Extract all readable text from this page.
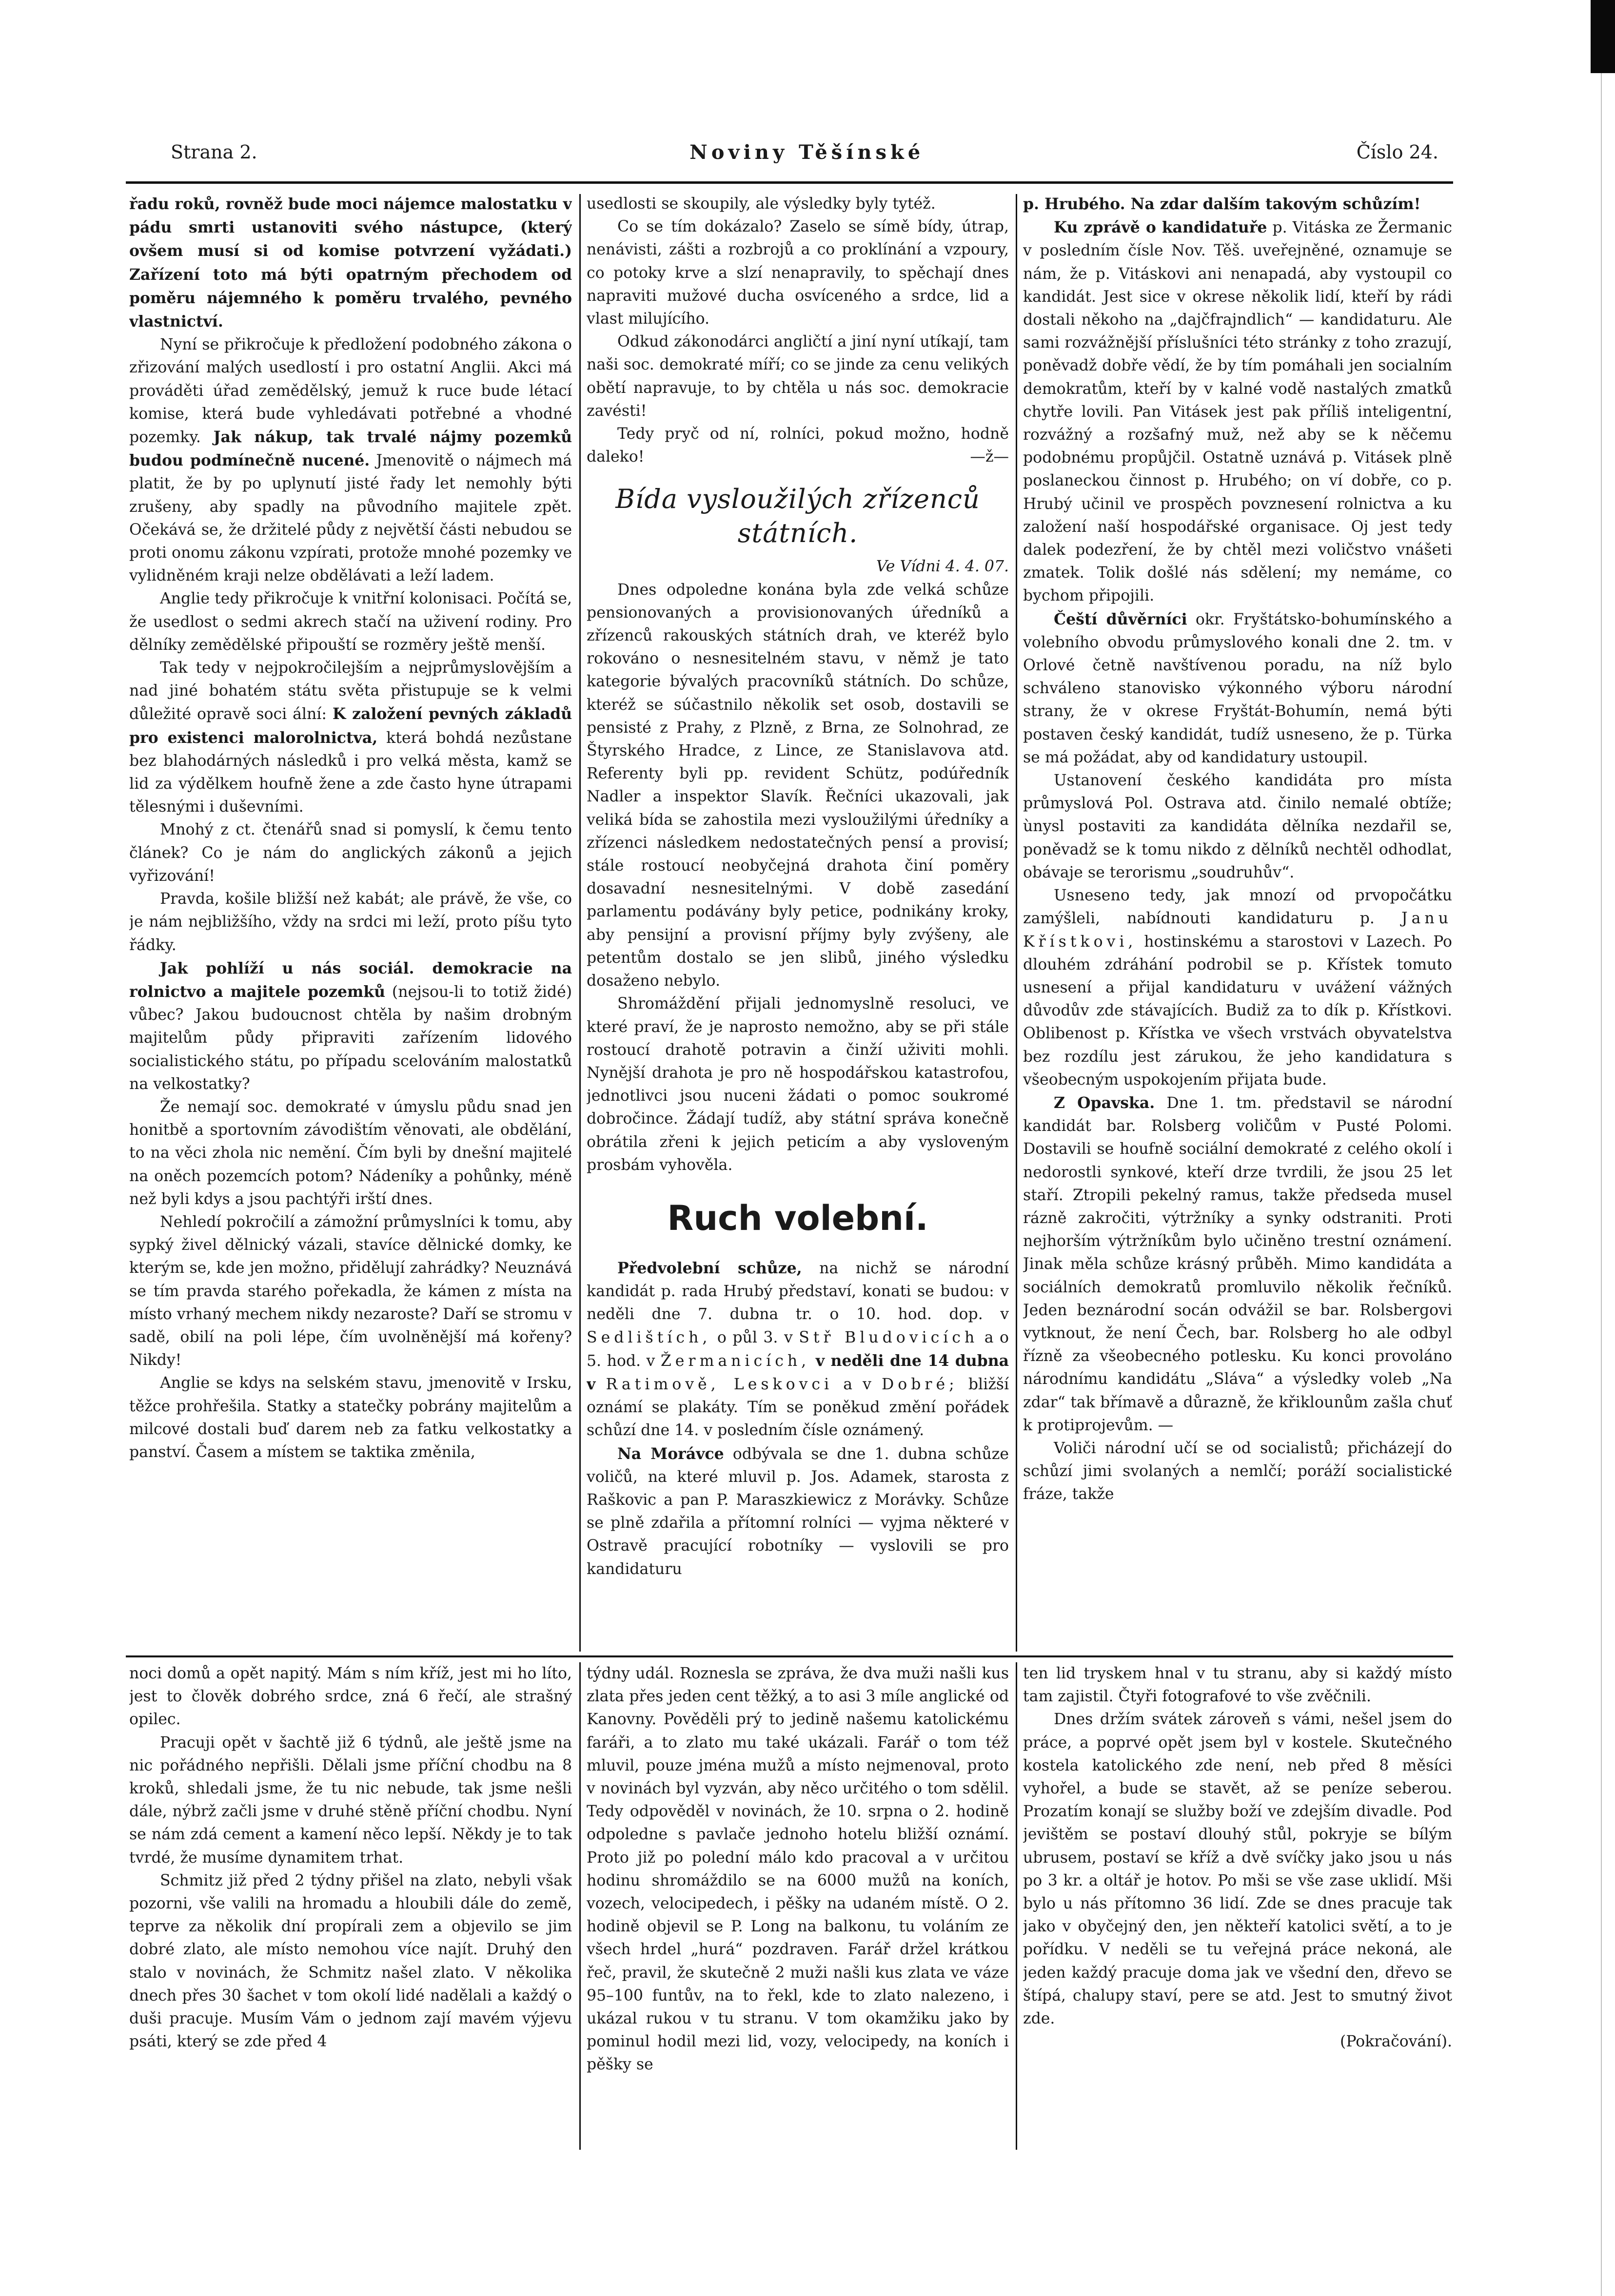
Strana 2.	Noviny Těšínské	Číslo 24.

řadu roků, rovněž bude moci nájemce malostatku v pádu smrti ustanoviti svého nástupce, (který ovšem musí si od komise potvrzení vyžádati.) Zařízení toto má býti opatrným přechodem od poměru nájemného k poměru trvalého, pevného vlastnictví.

Nyní se přikročuje k předložení podobného zákona o zřizování malých usedlostí i pro ostatní Anglii. Akci má prováděti úřad zemědělský, jemuž k ruce bude létací komise, která bude vyhledávati potřebné a vhodné pozemky. Jak nákup, tak trvalé nájmy pozemků budou podmínečně nucené. Jmenovitě o nájmech má platit, že by po uplynutí jisté řady let nemohly býti zrušeny, aby spadly na původního majitele zpět. Očekává se, že držitelé půdy z největší části nebudou se proti onomu zákonu vzpírati, protože mnohé pozemky ve vylidněném kraji nelze obdělávati a leží ladem.

Anglie tedy přikročuje k vnitřní kolonisaci. Počítá se, že usedlost o sedmi akrech stačí na uživení rodiny. Pro dělníky zemědělské připouští se rozměry ještě menší.

Tak tedy v nejpokročilejším a nejprůmyslovějším a nad jiné bohatém státu světa přistupuje se k velmi důležité opravě soci ální: K založení pevných základů pro existenci malorolnictva, která bohdá nezůstane bez blahodárných následků i pro velká města, kamž se lid za výdělkem houfně žene a zde často hyne útrapami tělesnými i duševními.

Mnohý z ct. čtenářů snad si pomyslí, k čemu tento článek? Co je nám do anglických zákonů a jejich vyřizování!

Pravda, košile bližší než kabát; ale právě, že vše, co je nám nejbližšího, vždy na srdci mi leží, proto píšu tyto řádky.

Jak pohlíží u nás sociál. demokracie na rolnictvo a majitele pozemků (nejsou-li to totiž židé) vůbec? Jakou budoucnost chtěla by našim drobným majitelům půdy připraviti zařízením lidového socialistického státu, po případu scelováním malostatků na velkostatky?

Že nemají soc. demokraté v úmyslu půdu snad jen honitbě a sportovním závodištím věnovati, ale obdělání, to na věci zhola nic nemění. Čím byli by dnešní majitelé na oněch pozemcích potom? Nádeníky a pohůnky, méně než byli kdys a jsou pachtýři irští dnes.

Nehledí pokročilí a zámožní průmyslníci k tomu, aby sypký živel dělnický vázali, stavíce dělnické domky, ke kterým se, kde jen možno, přidělují zahrádky? Neuznává se tím pravda starého pořekadla, že kámen z místa na místo vrhaný mechem nikdy nezaroste? Daří se stromu v sadě, obilí na poli lépe, čím uvolněnější má kořeny? Nikdy!

Anglie se kdys na selském stavu, jmenovitě v Irsku, těžce prohřešila. Statky a statečky pobrány majitelům a milcové dostali buď darem neb za fatku velkostatky a panství. Časem a místem se taktika změnila,

usedlosti se skoupily, ale výsledky byly tytéž.

Co se tím dokázalo? Zaselo se símě bídy, útrap, nenávisti, zášti a rozbrojů a co proklínání a vzpoury, co potoky krve a slzí nenapravily, to spěchají dnes napraviti mužové ducha osvíceného a srdce, lid a vlast milujícího.

Odkud zákonodárci angličtí a jiní nyní utíkají, tam naši soc. demokraté míří; co se jinde za cenu velikých obětí napravuje, to by chtěla u nás soc. demokracie zavésti!

Tedy pryč od ní, rolníci, pokud možno, hodně daleko!	—ž—

Bída vysloužilých zřízenců státních.

Ve Vídni 4. 4. 07.

Dnes odpoledne konána byla zde velká schůze pensionovaných a provisionovaných úředníků a zřízenců rakouských státních drah, ve kteréž bylo rokováno o nesnesitelném stavu, v němž je tato kategorie bývalých pracovníků státních. Do schůze, kteréž se súčastnilo několik set osob, dostavili se pensisté z Prahy, z Plzně, z Brna, ze Solnohrad, ze Štyrského Hradce, z Lince, ze Stanislavova atd. Referenty byli pp. revident Schütz, podúředník Nadler a inspektor Slavík. Řečníci ukazovali, jak veliká bída se zahostila mezi vysloužilými úředníky a zřízenci následkem nedostatečných pensí a provisí; stále rostoucí neobyčejná drahota činí poměry dosavadní nesnesitelnými. V době zasedání parlamentu podávány byly petice, podnikány kroky, aby pensijní a provisní příjmy byly zvýšeny, ale petentům dostalo se jen slibů, jiného výsledku dosaženo nebylo.

Shromáždění přijali jednomyslně resoluci, ve které praví, že je naprosto nemožno, aby se při stále rostoucí drahotě potravin a činží uživiti mohli. Nynější drahota je pro ně hospodářskou katastrofou, jednotlivci jsou nuceni žádati o pomoc soukromé dobročince. Žádají tudíž, aby státní správa konečně obrátila zřeni k jejich peticím a aby vysloveným prosbám vyhověla.

Ruch volební.

Předvolební schůze, na nichž se národní kandidát p. rada Hrubý představí, konati se budou: v neděli dne 7. dubna tr. o 10. hod. dop. v Sedlištích, o půl 3. v Stř Bludovicích a o 5. hod. v Žermanicích, v neděli dne 14 dubna v Ratimově, Leskovci a v Dobré; bližší oznámí se plakáty. Tím se poněkud změní pořádek schůzí dne 14. v posledním čísle oznámený.

Na Morávce odbývala se dne 1. dubna schůze voličů, na které mluvil p. Jos. Adamek, starosta z Raškovic a pan P. Maraszkiewicz z Morávky. Schůze se plně zdařila a přítomní rolníci — vyjma některé v Ostravě pracující robotníky — vyslovili se pro kandidaturu

p. Hrubého. Na zdar dalším takovým schůzím!

Ku zprávě o kandidatuře p. Vitáska ze Žermanic v posledním čísle Nov. Těš. uveřejněné, oznamuje se nám, že p. Vitáskovi ani nenapadá, aby vystoupil co kandidát. Jest sice v okrese několik lidí, kteří by rádi dostali někoho na „dajčfrajndlich“ — kandidaturu. Ale sami rozvážnější příslušníci této stránky z toho zrazují, poněvadž dobře vědí, že by tím pomáhali jen socialním demokratům, kteří by v kalné vodě nastalých zmatků chytře lovili. Pan Vitásek jest pak příliš inteligentní, rozvážný a rozšafný muž, než aby se k něčemu podobnému propůjčil. Ostatně uznává p. Vitásek plně poslaneckou činnost p. Hrubého; on ví dobře, co p. Hrubý učinil ve prospěch povznesení rolnictva a ku založení naší hospodářské organisace. Oj jest tedy dalek podezření, že by chtěl mezi voličstvo vnášeti zmatek. Tolik došlé nás sdělení; my nemáme, co bychom připojili.

Čeští důvěrníci okr. Fryštátsko-bohumínského a volebního obvodu průmyslového konali dne 2. tm. v Orlové četně navštívenou poradu, na níž bylo schváleno stanovisko výkonného výboru národní strany, že v okrese Fryštát-Bohumín, nemá býti postaven český kandidát, tudíž usneseno, že p. Türka se má požádat, aby od kandidatury ustoupil.

Ustanovení českého kandidáta pro místa průmyslová Pol. Ostrava atd. činilo nemalé obtíže; ùnysl postaviti za kandidáta dělníka nezdařil se, poněvadž se k tomu nikdo z dělníků nechtěl odhodlat, obávaje se terorismu „soudruhův“.

Usneseno tedy, jak mnozí od prvopočátku zamýšleli, nabídnouti kandidaturu p. Janu Křístkovi, hostinskému a starostovi v Lazech. Po dlouhém zdráhání podrobil se p. Křístek tomuto usnesení a přijal kandidaturu v uvážení vážných důvodův zde stávajících. Budiž za to dík p. Křístkovi. Oblibenost p. Křístka ve všech vrstvách obyvatelstva bez rozdílu jest zárukou, že jeho kandidatura s všeobecným uspokojením přijata bude.

Z Opavska. Dne 1. tm. představil se národní kandidát bar. Rolsberg voličům v Pusté Polomi. Dostavili se houfně sociální demokraté z celého okolí i nedorostli synkové, kteří drze tvrdili, že jsou 25 let staří. Ztropili pekelný ramus, takže předseda musel rázně zakročiti, výtržníky a synky odstraniti. Proti nejhorším výtržníkům bylo učiněno trestní oznámení. Jinak měla schůze krásný průběh. Mimo kandidáta a sociálních demokratů promluvilo několik řečníků. Jeden beznárodní socán odvážil se bar. Rolsbergovi vytknout, že není Čech, bar. Rolsberg ho ale odbyl řízně za všeobecného potlesku. Ku konci provoláno národnímu kandidátu „Sláva“ a výsledky voleb „Na zdar“ tak břímavě a důrazně, že křiklounům zašla chuť k protiprojevům. —

Voliči národní učí se od socialistů; přicházejí do schůzí jimi svolaných a nemlčí; poráží socialistické fráze, takže

noci domů a opět napitý. Mám s ním kříž, jest mi ho líto, jest to člověk dobrého srdce, zná 6 řečí, ale strašný opilec.

Pracuji opět v šachtě již 6 týdnů, ale ještě jsme na nic pořádného nepřišli. Dělali jsme příční chodbu na 8 kroků, shledali jsme, že tu nic nebude, tak jsme nešli dále, nýbrž začli jsme v druhé stěně příční chodbu. Nyní se nám zdá cement a kamení něco lepší. Někdy je to tak tvrdé, že musíme dynamitem trhat.

Schmitz již před 2 týdny přišel na zlato, nebyli však pozorni, vše valili na hromadu a hloubili dále do země, teprve za několik dní propírali zem a objevilo se jim dobré zlato, ale místo nemohou více najít. Druhý den stalo v novinách, že Schmitz našel zlato. V několika dnech přes 30 šachet v tom okolí lidé nadělali a každý o duši pracuje. Musím Vám o jednom zají mavém výjevu psáti, který se zde před 4

týdny udál. Roznesla se zpráva, že dva muži našli kus zlata přes jeden cent těžký, a to asi 3 míle anglické od Kanovny. Pověděli prý to jedině našemu katolickému faráři, a to zlato mu také ukázali. Farář o tom též mluvil, pouze jména mužů a místo nejmenoval, proto v novinách byl vyzván, aby něco určitého o tom sdělil. Tedy odpověděl v novinách, že 10. srpna o 2. hodině odpoledne s pavlače jednoho hotelu bližší oznámí. Proto již po polední málo kdo pracoval a v určitou hodinu shromáždilo se na 6000 mužů na koních, vozech, velocipedech, i pěšky na udaném místě. O 2. hodině objevil se P. Long na balkonu, tu voláním ze všech hrdel „hurá“ pozdraven. Farář držel krátkou řeč, pravil, že skutečně 2 muži našli kus zlata ve váze 95–100 funtův, na to řekl, kde to zlato nalezeno, i ukázal rukou v tu stranu. V tom okamžiku jako by pominul hodil mezi lid, vozy, velocipedy, na koních i pěšky se

ten lid tryskem hnal v tu stranu, aby si každý místo tam zajistil. Čtyři fotografové to vše zvěčnili.

Dnes držím svátek zároveň s vámi, nešel jsem do práce, a poprvé opět jsem byl v kostele. Skutečného kostela katolického zde není, neb před 8 měsíci vyhořel, a bude se stavět, až se peníze seberou. Prozatím konají se služby boží ve zdejším divadle. Pod jevištěm se postaví dlouhý stůl, pokryje se bílým ubrusem, postaví se kříž a dvě svíčky jako jsou u nás po 3 kr. a oltář je hotov. Po mši se vše zase uklidí. Mši bylo u nás přítomno 36 lidí. Zde se dnes pracuje tak jako v obyčejný den, jen někteří katolici světí, a to je pořídku. V neděli se tu veřejná práce nekoná, ale jeden každý pracuje doma jak ve všední den, dřevo se štípá, chalupy staví, pere se atd. Jest to smutný život zde.

(Pokračování).
